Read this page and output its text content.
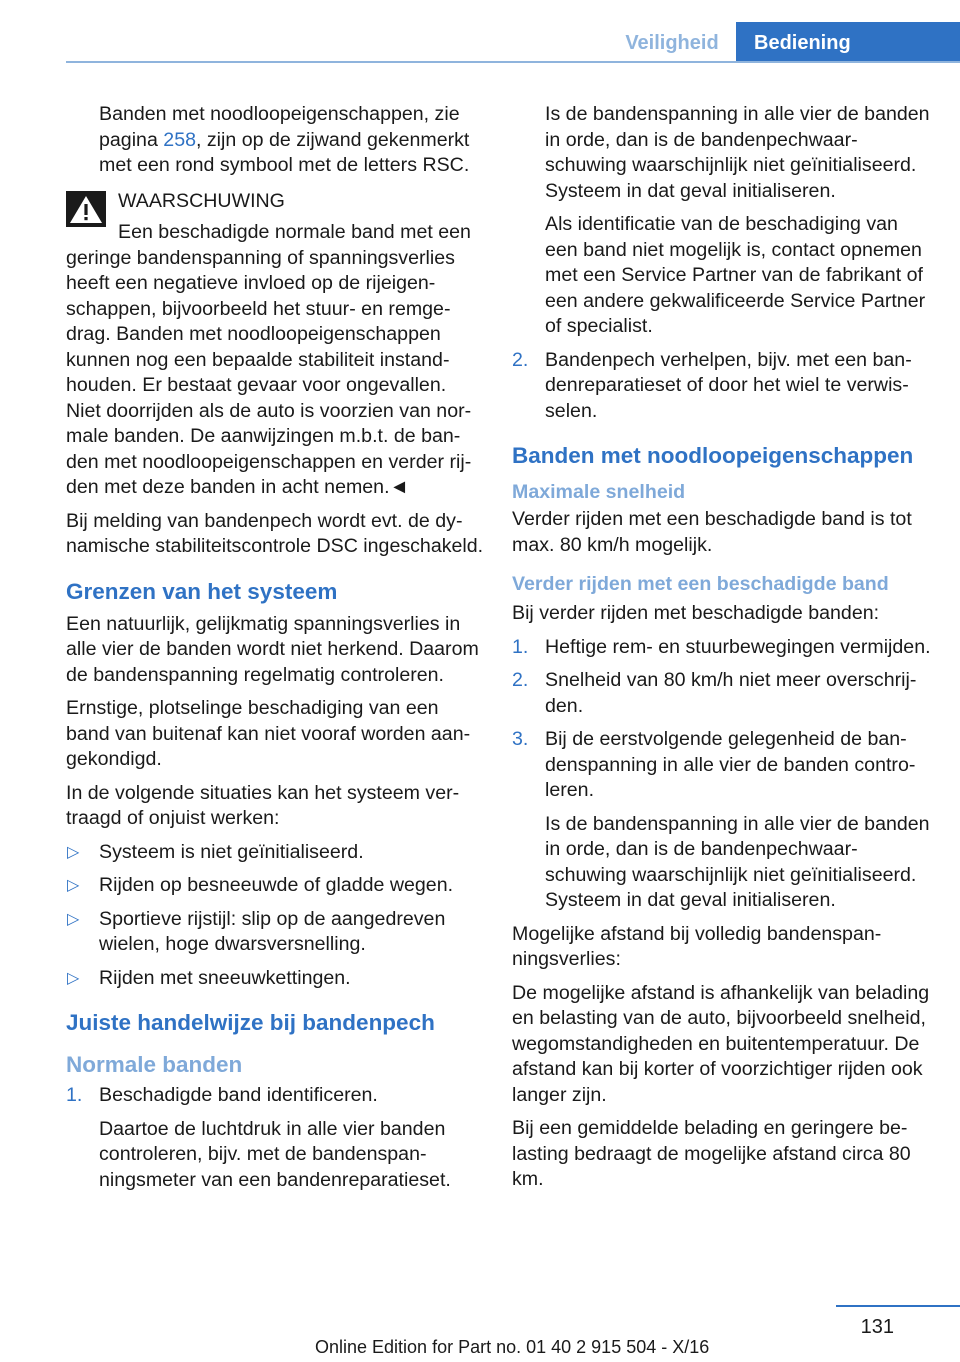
Veiligheid	Bediening

Banden met noodloopeigenschappen, zie pagina 258, zijn op de zijwand gekenmerkt met een rond symbool met de letters RSC.

WAARSCHUWING
Een beschadigde normale band met een geringe bandenspanning of spanningsverlies heeft een negatieve invloed op de rijeigenschappen, bijvoorbeeld het stuur- en remgedrag. Banden met noodloopeigenschappen kunnen nog een bepaalde stabiliteit instandhouden. Er bestaat gevaar voor ongevallen. Niet doorrijden als de auto is voorzien van normale banden. De aanwijzingen m.b.t. de banden met noodloopeigenschappen en verder rijden met deze banden in acht nemen.◄

Bij melding van bandenpech wordt evt. de dynamische stabiliteitscontrole DSC ingeschakeld.

Grenzen van het systeem

Een natuurlijk, gelijkmatig spanningsverlies in alle vier de banden wordt niet herkend. Daarom de bandenspanning regelmatig controleren.

Ernstige, plotselinge beschadiging van een band van buitenaf kan niet vooraf worden aangekondigd.

In de volgende situaties kan het systeem vertraagd of onjuist werken:

▷ Systeem is niet geïnitialiseerd.
▷ Rijden op besneeuwde of gladde wegen.
▷ Sportieve rijstijl: slip op de aangedreven wielen, hoge dwarsversnelling.
▷ Rijden met sneeuwkettingen.
Juiste handelwijze bij bandenpech
Normale banden
1. Beschadigde band identificeren.
Daartoe de luchtdruk in alle vier banden controleren, bijv. met de bandenspanningsmeter van een bandenreparatieset.

Is de bandenspanning in alle vier de banden in orde, dan is de bandenpechwaarschuwing waarschijnlijk niet geïnitialiseerd. Systeem in dat geval initialiseren.

Als identificatie van de beschadiging van een band niet mogelijk is, contact opnemen met een Service Partner van de fabrikant of een andere gekwalificeerde Service Partner of specialist.

2. Bandenpech verhelpen, bijv. met een bandenreparatieset of door het wiel te verwisselen.
Banden met noodloopeigenschappen
Maximale snelheid

Verder rijden met een beschadigde band is tot max. 80 km/h mogelijk.

Verder rijden met een beschadigde band

Bij verder rijden met beschadigde banden:

1. Heftige rem- en stuurbewegingen vermijden.
2. Snelheid van 80 km/h niet meer overschrijden.
3. Bij de eerstvolgende gelegenheid de bandenspanning in alle vier de banden controleren.
Is de bandenspanning in alle vier de banden in orde, dan is de bandenpechwaarschuwing waarschijnlijk niet geïnitialiseerd. Systeem in dat geval initialiseren.

Mogelijke afstand bij volledig bandenspanningsverlies:

De mogelijke afstand is afhankelijk van belading en belasting van de auto, bijvoorbeeld snelheid, wegomstandigheden en buitentemperatuur. De afstand kan bij korter of voorzichtiger rijden ook langer zijn.

Bij een gemiddelde belading en geringere belasting bedraagt de mogelijke afstand circa 80 km.

131
Online Edition for Part no. 01 40 2 915 504 - X/16
